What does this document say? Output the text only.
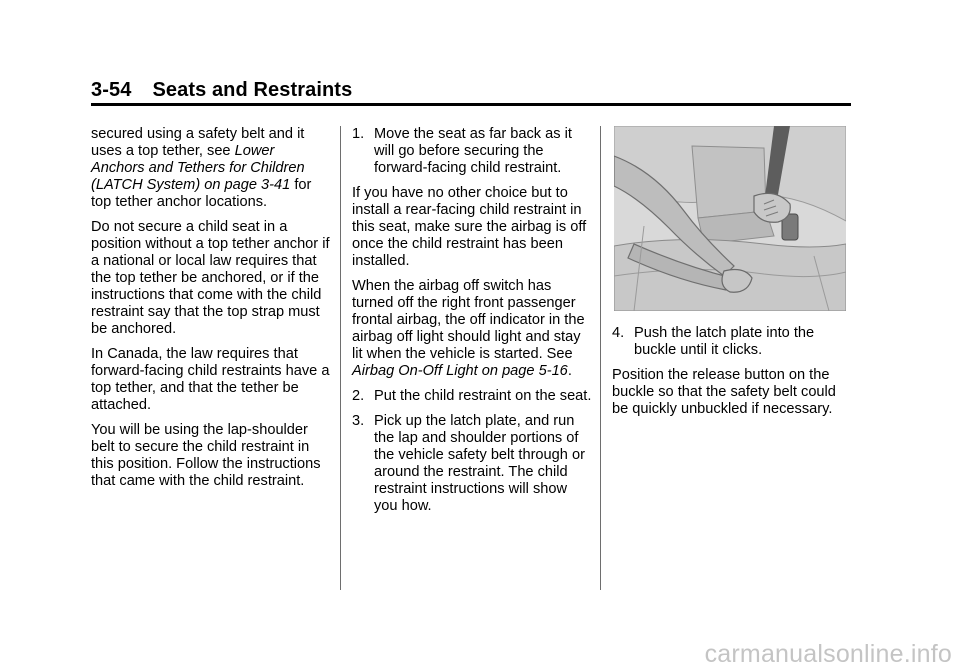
3-54 Seats and Restraints

secured using a safety belt and it uses a top tether, see Lower Anchors and Tethers for Children (LATCH System) on page 3-41 for top tether anchor locations.

Do not secure a child seat in a position without a top tether anchor if a national or local law requires that the top tether be anchored, or if the instructions that come with the child restraint say that the top strap must be anchored.

In Canada, the law requires that forward-facing child restraints have a top tether, and that the tether be attached.

You will be using the lap-shoulder belt to secure the child restraint in this position. Follow the instructions that came with the child restraint.

1. Move the seat as far back as it will go before securing the forward-facing child restraint.

If you have no other choice but to install a rear-facing child restraint in this seat, make sure the airbag is off once the child restraint has been installed.

When the airbag off switch has turned off the right front passenger frontal airbag, the off indicator in the airbag off light should light and stay lit when the vehicle is started. See Airbag On-Off Light on page 5-16.

2. Put the child restraint on the seat.
3. Pick up the latch plate, and run the lap and shoulder portions of the vehicle safety belt through or around the restraint. The child restraint instructions will show you how.
4. Push the latch plate into the buckle until it clicks.

Position the release button on the buckle so that the safety belt could be quickly unbuckled if necessary.

carmanualsonline.info
